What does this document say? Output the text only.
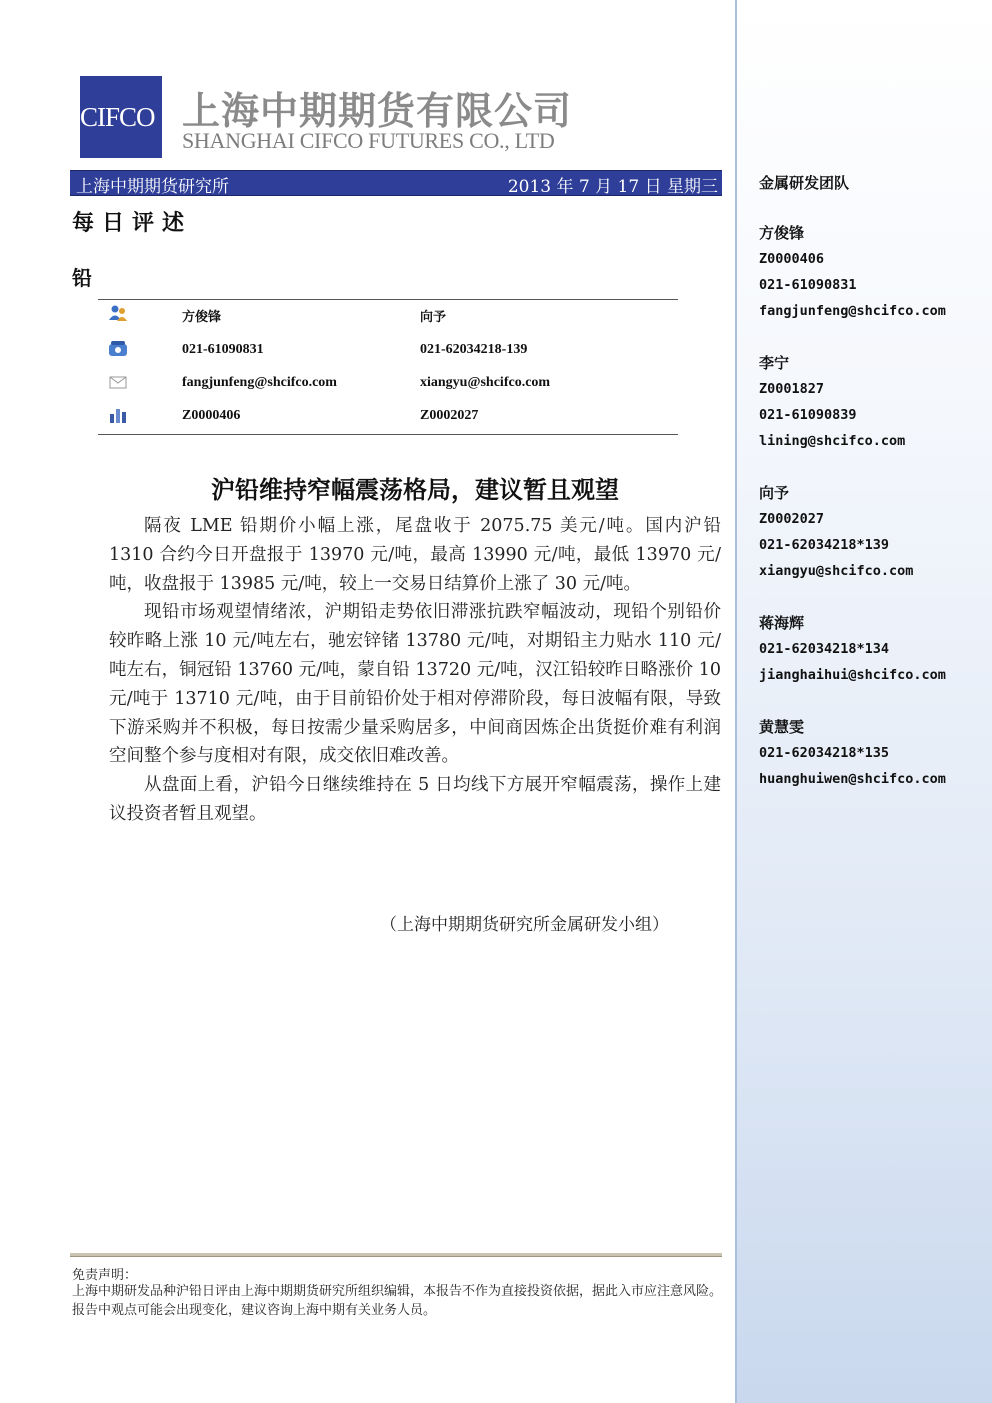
CIFCO 上海中期期货有限公司
SHANGHAI CIFCO FUTURES CO., LTD
上海中期期货研究所	2013 年 7 月 17 日 星期三
每日评述
铅
方俊锋	向予
021-61090831	021-62034218-139
fangjunfeng@shcifco.com	xiangyu@shcifco.com
Z0000406	Z0002027
沪铅维持窄幅震荡格局，建议暂且观望

隔夜 LME 铅期价小幅上涨，尾盘收于 2075.75 美元/吨。国内沪铅 1310 合约今日开盘报于 13970 元/吨，最高 13990 元/吨，最低 13970 元/吨，收盘报于 13985 元/吨，较上一交易日结算价上涨了 30 元/吨。

现铅市场观望情绪浓，沪期铅走势依旧滞涨抗跌窄幅波动，现铅个别铅价较昨略上涨 10 元/吨左右，驰宏锌锗 13780 元/吨，对期铅主力贴水 110 元/吨左右，铜冠铅 13760 元/吨，蒙自铅 13720 元/吨，汉江铅较昨日略涨价 10 元/吨于 13710 元/吨，由于目前铅价处于相对停滞阶段，每日波幅有限，导致下游采购并不积极，每日按需少量采购居多，中间商因炼企出货挺价难有利润空间整个参与度相对有限，成交依旧难改善。

从盘面上看，沪铅今日继续维持在 5 日均线下方展开窄幅震荡，操作上建议投资者暂且观望。

（上海中期期货研究所金属研发小组）
免责声明：
上海中期研发品种沪铅日评由上海中期期货研究所组织编辑，本报告不作为直接投资依据，据此入市应注意风险。报告中观点可能会出现变化，建议咨询上海中期有关业务人员。
金属研发团队
方俊锋
Z0000406
021-61090831
fangjunfeng@shcifco.com
李宁
Z0001827
021-61090839
lining@shcifco.com
向予
Z0002027
021-62034218*139
xiangyu@shcifco.com
蒋海辉
021-62034218*134
jianghaihui@shcifco.com
黄慧雯
021-62034218*135
huanghuiwen@shcifco.com
